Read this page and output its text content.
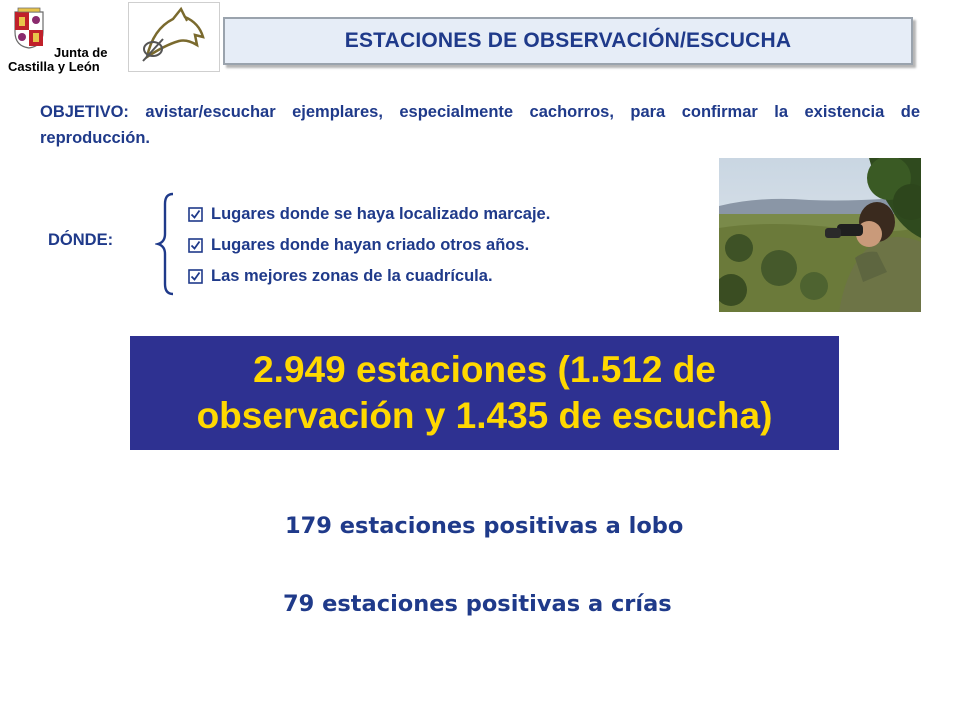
Junta de
Castilla y León
ESTACIONES DE OBSERVACIÓN/ESCUCHA
OBJETIVO: avistar/escuchar ejemplares, especialmente cachorros, para confirmar la existencia de reproducción.
DÓNDE:
Lugares donde se haya localizado marcaje.
Lugares donde hayan criado otros años.
Las mejores zonas de la cuadrícula.
2.949 estaciones (1.512 de
observación y 1.435 de escucha)
179 estaciones positivas a lobo
79 estaciones positivas a crías
